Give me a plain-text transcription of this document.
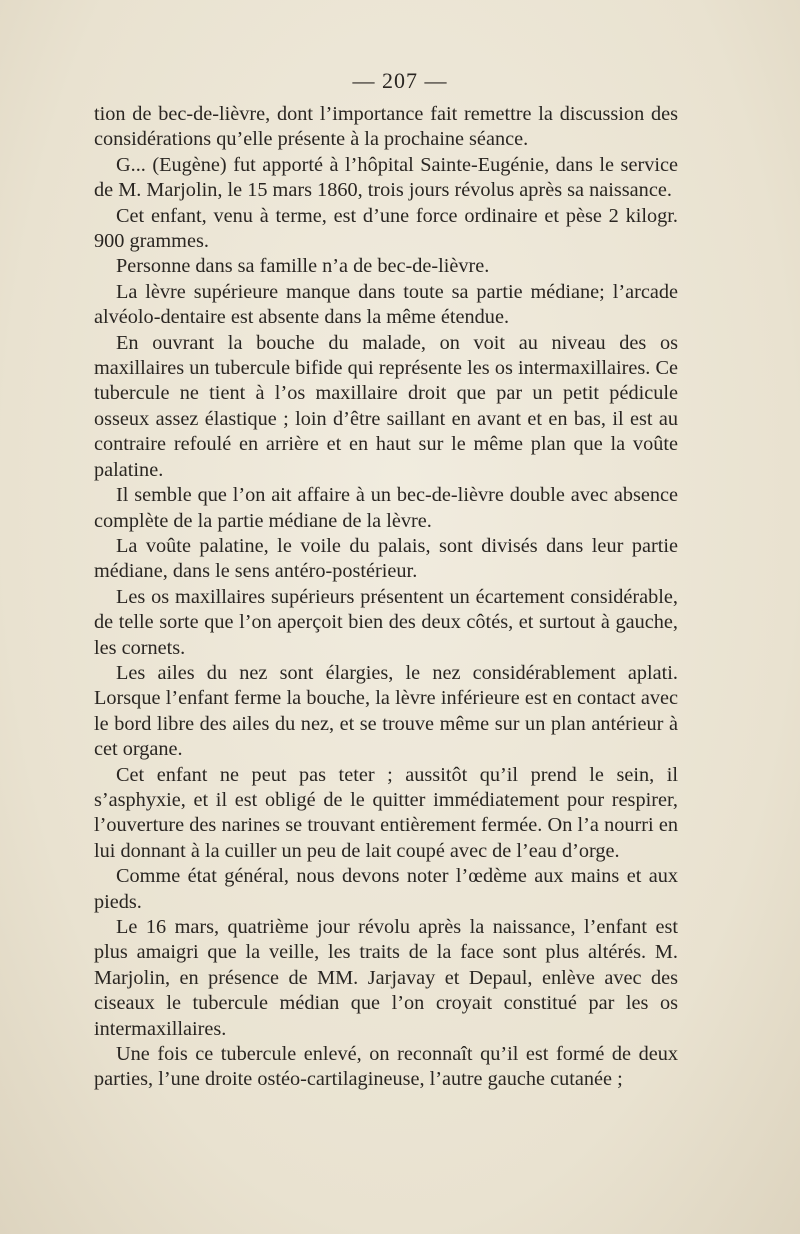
— 207 —

tion de bec-de-lièvre, dont l’importance fait remettre la discussion des considérations qu’elle présente à la prochaine séance.

G... (Eugène) fut apporté à l’hôpital Sainte-Eugénie, dans le service de M. Marjolin, le 15 mars 1860, trois jours révolus après sa naissance.

Cet enfant, venu à terme, est d’une force ordinaire et pèse 2 kilogr. 900 grammes.

Personne dans sa famille n’a de bec-de-lièvre.

La lèvre supérieure manque dans toute sa partie médiane; l’arcade alvéolo-dentaire est absente dans la même étendue.

En ouvrant la bouche du malade, on voit au niveau des os maxillaires un tubercule bifide qui représente les os intermaxillaires. Ce tubercule ne tient à l’os maxillaire droit que par un petit pédicule osseux assez élastique ; loin d’être saillant en avant et en bas, il est au contraire refoulé en arrière et en haut sur le même plan que la voûte palatine.

Il semble que l’on ait affaire à un bec-de-lièvre double avec absence complète de la partie médiane de la lèvre.

La voûte palatine, le voile du palais, sont divisés dans leur partie médiane, dans le sens antéro-postérieur.

Les os maxillaires supérieurs présentent un écartement considérable, de telle sorte que l’on aperçoit bien des deux côtés, et surtout à gauche, les cornets.

Les ailes du nez sont élargies, le nez considérablement aplati. Lorsque l’enfant ferme la bouche, la lèvre inférieure est en contact avec le bord libre des ailes du nez, et se trouve même sur un plan antérieur à cet organe.

Cet enfant ne peut pas teter ; aussitôt qu’il prend le sein, il s’asphyxie, et il est obligé de le quitter immédiatement pour respirer, l’ouverture des narines se trouvant entièrement fermée. On l’a nourri en lui donnant à la cuiller un peu de lait coupé avec de l’eau d’orge.

Comme état général, nous devons noter l’œdème aux mains et aux pieds.

Le 16 mars, quatrième jour révolu après la naissance, l’enfant est plus amaigri que la veille, les traits de la face sont plus altérés. M. Marjolin, en présence de MM. Jarjavay et Depaul, enlève avec des ciseaux le tubercule médian que l’on croyait constitué par les os intermaxillaires.

Une fois ce tubercule enlevé, on reconnaît qu’il est formé de deux parties, l’une droite ostéo-cartilagineuse, l’autre gauche cutanée ;
